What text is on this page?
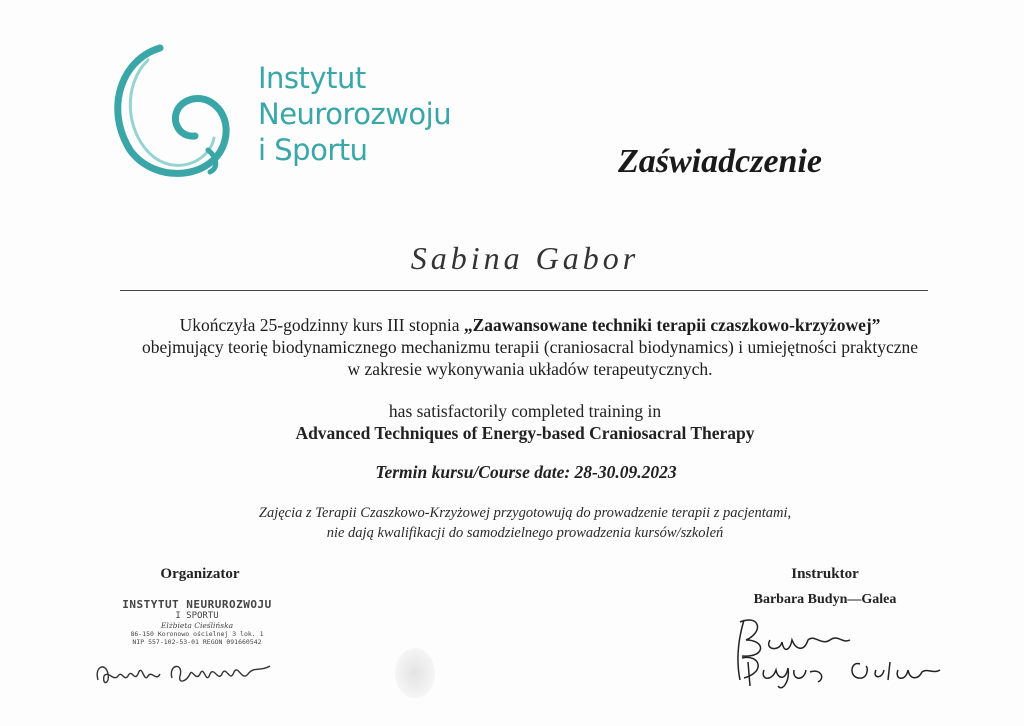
Instytut
Neurorozwoju
i Sportu	Zaświadczenie
Sabina Gabor
Ukończyła 25-godzinny kurs III stopnia „Zaawansowane techniki terapii czaszkowo-krzyżowej”
obejmujący teorię biodynamicznego mechanizmu terapii (craniosacral biodynamics) i umiejętności praktyczne
w zakresie wykonywania układów terapeutycznych.
has satisfactorily completed training in
Advanced Techniques of Energy-based Craniosacral Therapy
Termin kursu/Course date: 28-30.09.2023
Zajęcia z Terapii Czaszkowo-Krzyżowej przygotowują do prowadzenie terapii z pacjentami,
nie dają kwalifikacji do samodzielnego prowadzenia kursów/szkoleń
Organizator
INSTYTUT NEURUROZWOJU
I SPORTU
Elżbieta Cieślińska
86-150 Koronowo ościelnej 3 lok. 1
NIP 557-102-53-01 REGON 091660542
Instruktor
Barbara Budyn—Galea
